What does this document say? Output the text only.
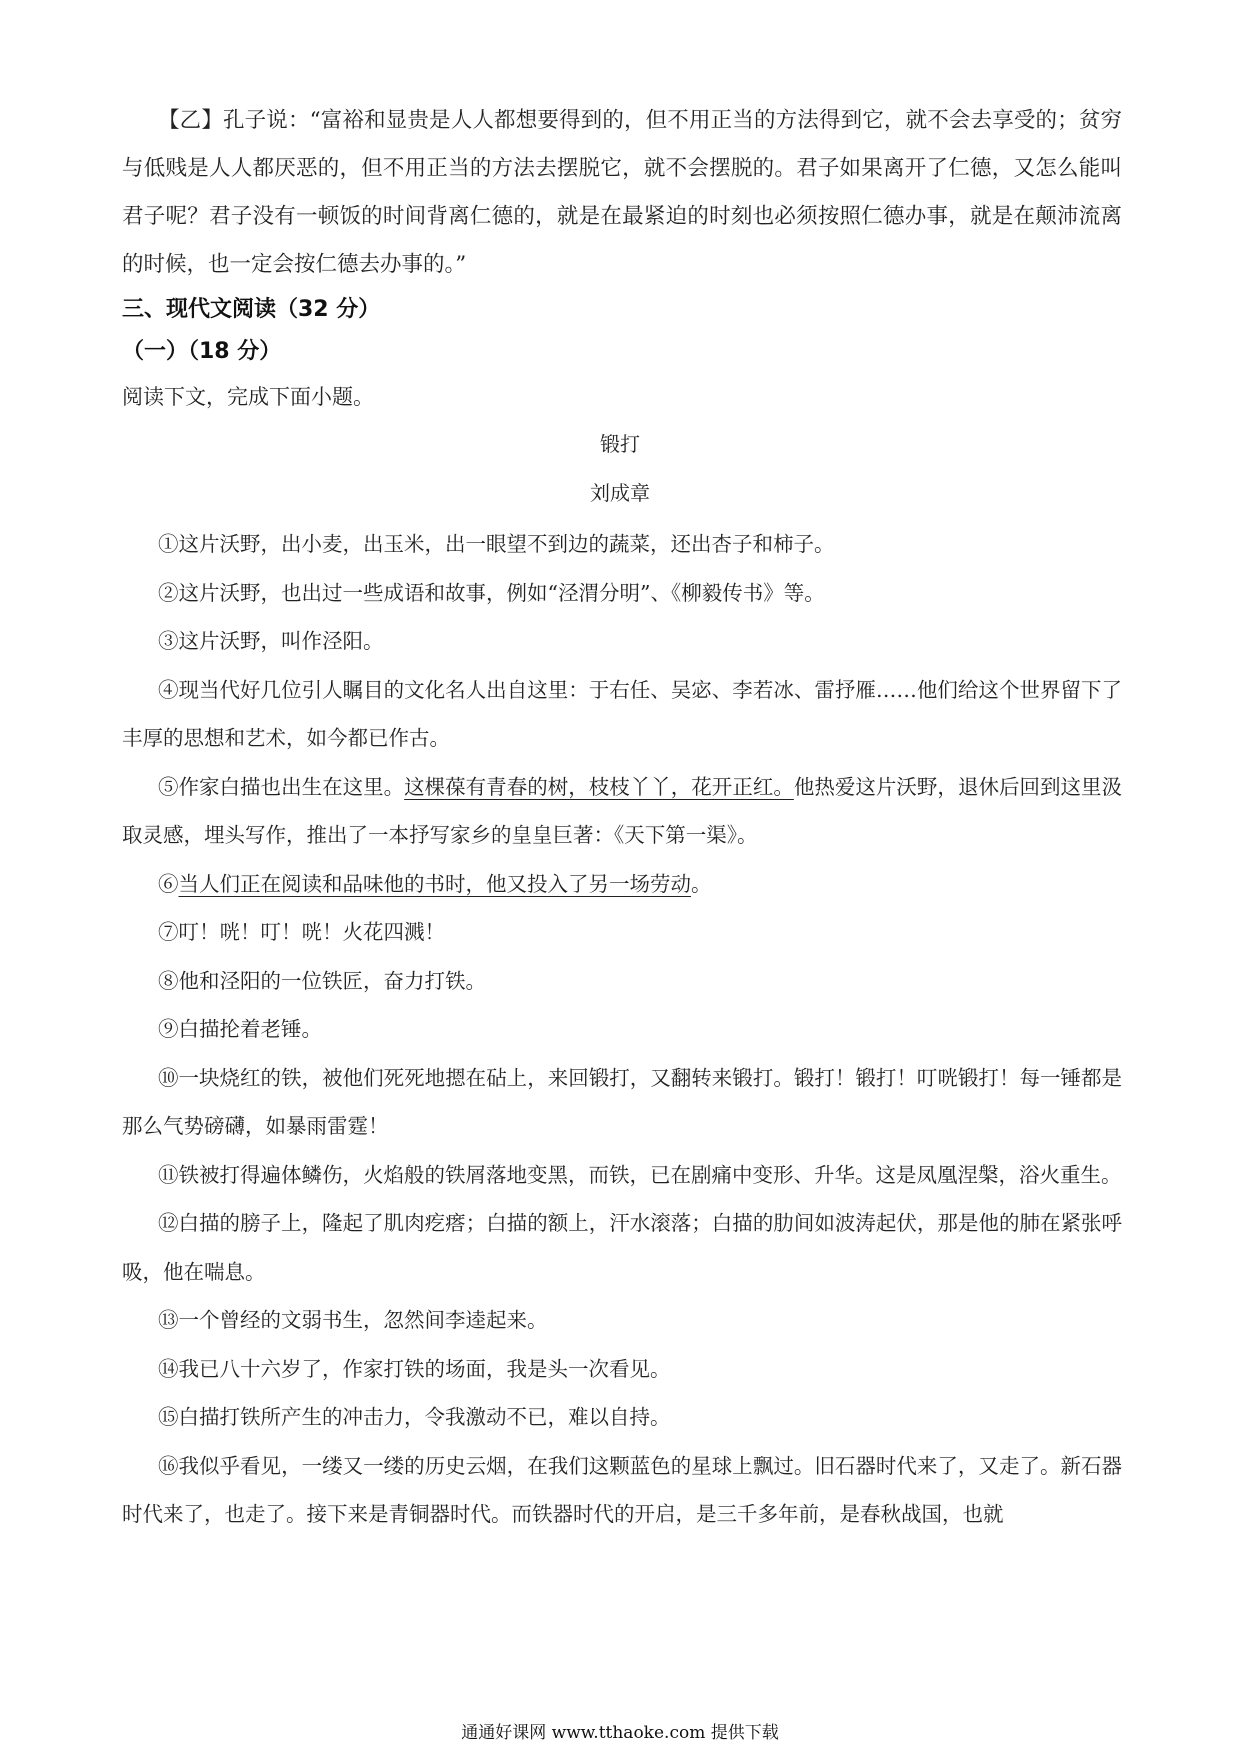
【乙】孔子说：“富裕和显贵是人人都想要得到的，但不用正当的方法得到它，就不会去享受的；贫穷与低贱是人人都厌恶的，但不用正当的方法去摆脱它，就不会摆脱的。君子如果离开了仁德，又怎么能叫君子呢？君子没有一顿饭的时间背离仁德的，就是在最紧迫的时刻也必须按照仁德办事，就是在颠沛流离的时候，也一定会按仁德去办事的。”

三、现代文阅读（32 分）

（一）（18 分）

阅读下文，完成下面小题。

锻打

刘成章

①这片沃野，出小麦，出玉米，出一眼望不到边的蔬菜，还出杏子和柿子。

②这片沃野，也出过一些成语和故事，例如“泾渭分明”、《柳毅传书》等。

③这片沃野，叫作泾阳。

④现当代好几位引人瞩目的文化名人出自这里：于右任、吴宓、李若冰、雷抒雁……他们给这个世界留下了丰厚的思想和艺术，如今都已作古。

⑤作家白描也出生在这里。这棵葆有青春的树，枝枝丫丫，花开正红。他热爱这片沃野，退休后回到这里汲取灵感，埋头写作，推出了一本抒写家乡的皇皇巨著：《天下第一渠》。

⑥当人们正在阅读和品味他的书时，他又投入了另一场劳动。

⑦叮！咣！叮！咣！火花四溅！

⑧他和泾阳的一位铁匠，奋力打铁。

⑨白描抡着老锤。

⑩一块烧红的铁，被他们死死地摁在砧上，来回锻打，又翻转来锻打。锻打！锻打！叮咣锻打！每一锤都是那么气势磅礴，如暴雨雷霆！

⑪铁被打得遍体鳞伤，火焰般的铁屑落地变黑，而铁，已在剧痛中变形、升华。这是凤凰涅槃，浴火重生。

⑫白描的膀子上，隆起了肌肉疙瘩；白描的额上，汗水滚落；白描的肋间如波涛起伏，那是他的肺在紧张呼吸，他在喘息。

⑬一个曾经的文弱书生，忽然间李逵起来。

⑭我已八十六岁了，作家打铁的场面，我是头一次看见。

⑮白描打铁所产生的冲击力，令我激动不已，难以自持。

⑯我似乎看见，一缕又一缕的历史云烟，在我们这颗蓝色的星球上飘过。旧石器时代来了，又走了。新石器时代来了，也走了。接下来是青铜器时代。而铁器时代的开启，是三千多年前，是春秋战国，也就

通通好课网 www.tthaoke.com 提供下载
